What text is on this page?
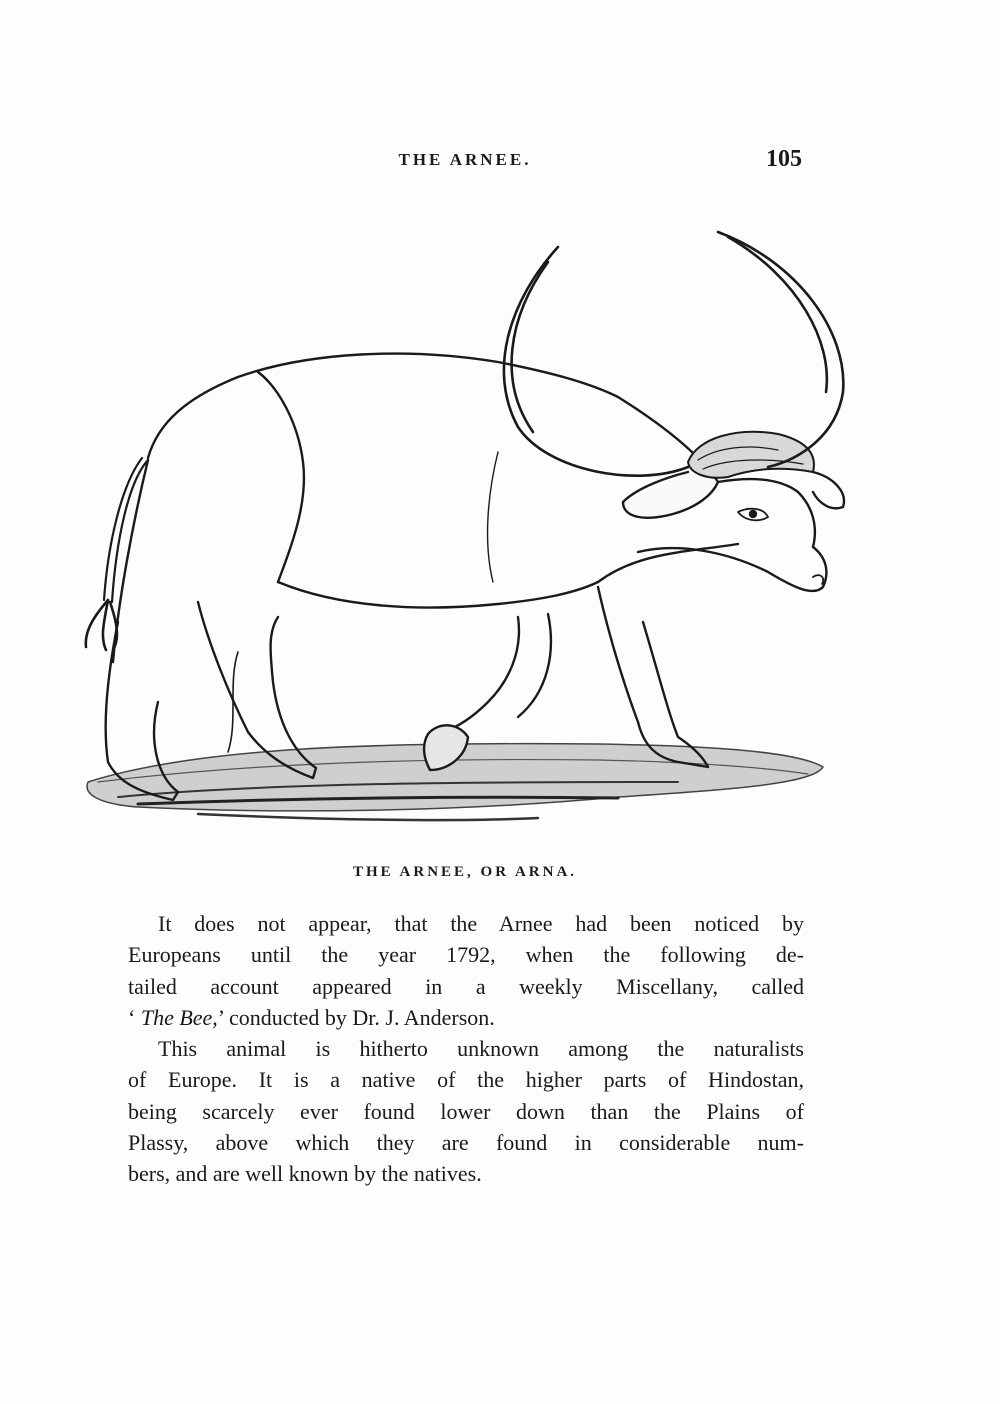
THE ARNEE.	105
THE ARNEE, OR ARNA.

It does not appear, that the Arnee had been noticed by
Europeans until the year 1792, when the following de-
tailed account appeared in a weekly Miscellany, called
‘ The Bee,’ conducted by Dr. J. Anderson.

This animal is hitherto unknown among the naturalists
of Europe. It is a native of the higher parts of Hindostan,
being scarcely ever found lower down than the Plains of
Plassy, above which they are found in considerable num-
bers, and are well known by the natives.
